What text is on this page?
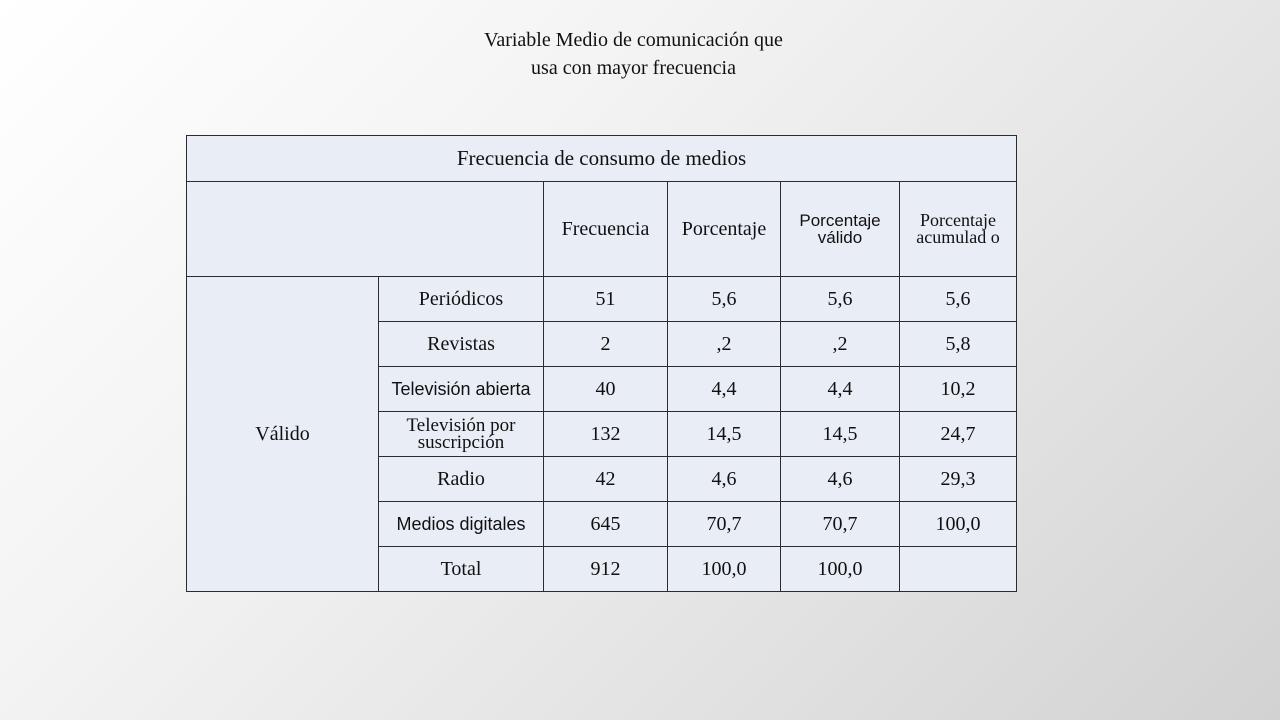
Variable Medio de comunicación que
usa con mayor frecuencia
Frecuencia de consumo de medios					
		Frecuencia	Porcentaje	Porcentaje válido	Porcentaje acumulad o
Válido	Periódicos	51	5,6	5,6	5,6
	Revistas	2	,2	,2	5,8
	Televisión abierta	40	4,4	4,4	10,2
	Televisión por suscripción	132	14,5	14,5	24,7
	Radio	42	4,6	4,6	29,3
	Medios digitales	645	70,7	70,7	100,0
	Total	912	100,0	100,0	
